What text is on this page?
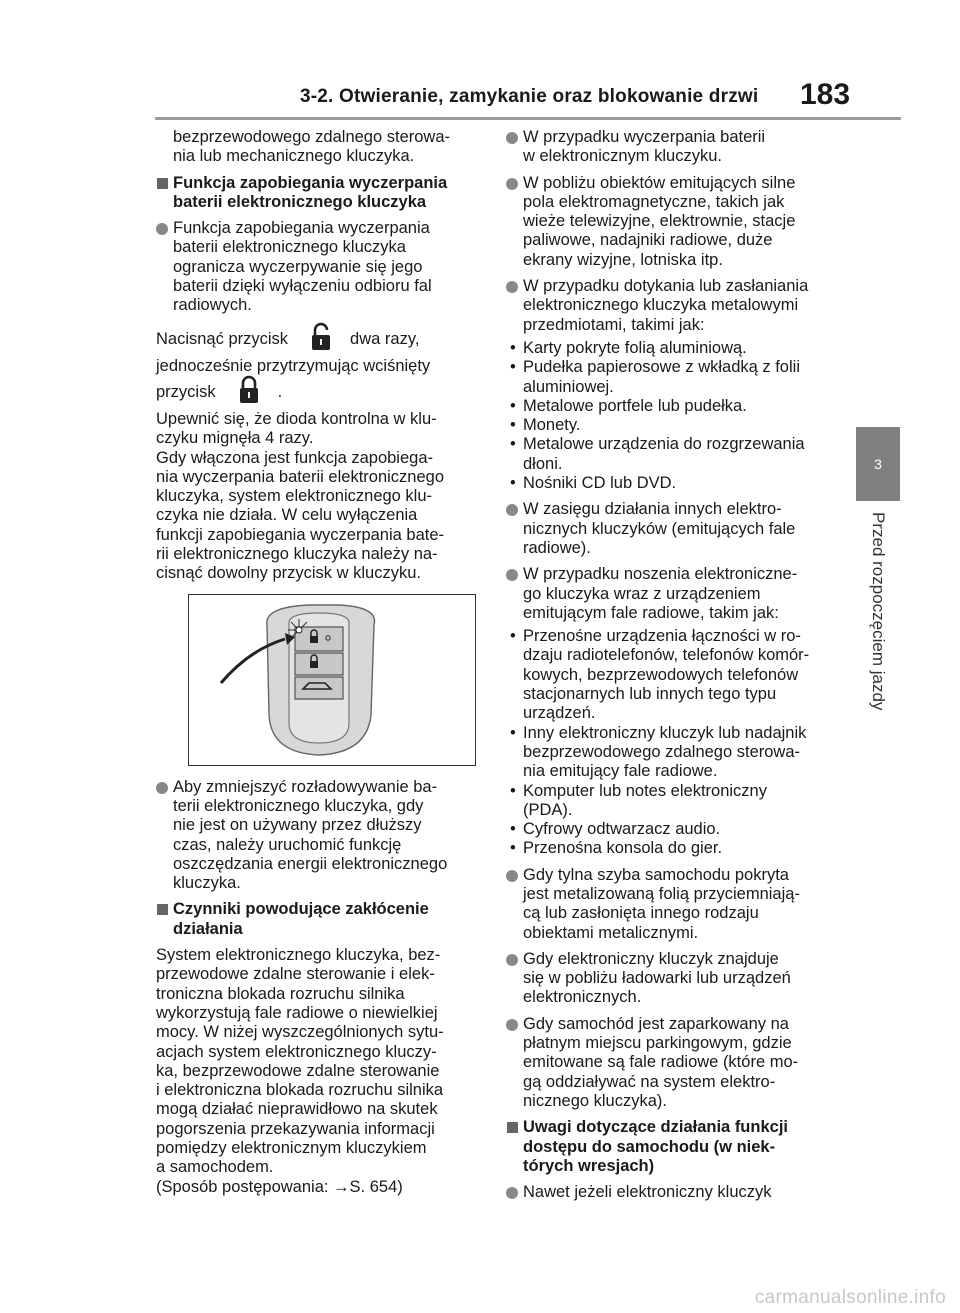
3-2. Otwieranie, zamykanie oraz blokowanie drzwi 183
3
Przed rozpoczęciem jazdy
bezprzewodowego zdalnego sterowa-
nia lub mechanicznego kluczyka.
Funkcja zapobiegania wyczerpania
baterii elektronicznego kluczyka
Funkcja zapobiegania wyczerpania
baterii elektronicznego kluczyka
ogranicza wyczerpywanie się jego
baterii dzięki wyłączeniu odbioru fal
radiowych.
Nacisnąć przycisk	dwa razy,

jednocześnie przytrzymując wciśnięty

przycisk	.
Upewnić się, że dioda kontrolna w klu-
czyku mignęła 4 razy.
Gdy włączona jest funkcja zapobiega-
nia wyczerpania baterii elektronicznego
kluczyka, system elektronicznego klu-
czyka nie działa. W celu wyłączenia
funkcji zapobiegania wyczerpania bate-
rii elektronicznego kluczyka należy na-
cisnąć dowolny przycisk w kluczyku.
Aby zmniejszyć rozładowywanie ba-
terii elektronicznego kluczyka, gdy
nie jest on używany przez dłuższy
czas, należy uruchomić funkcję
oszczędzania energii elektronicznego
kluczyka.
Czynniki powodujące zakłócenie
działania
System elektronicznego kluczyka, bez-
przewodowe zdalne sterowanie i elek-
troniczna blokada rozruchu silnika
wykorzystują fale radiowe o niewielkiej
mocy. W niżej wyszczególnionych sytu-
acjach system elektronicznego kluczy-
ka, bezprzewodowe zdalne sterowanie
i elektroniczna blokada rozruchu silnika
mogą działać nieprawidłowo na skutek
pogorszenia przekazywania informacji
pomiędzy elektronicznym kluczykiem
a samochodem.
(Sposób postępowania: →S. 654)
W przypadku wyczerpania baterii
w elektronicznym kluczyku.
W pobliżu obiektów emitujących silne
pola elektromagnetyczne, takich jak
wieże telewizyjne, elektrownie, stacje
paliwowe, nadajniki radiowe, duże
ekrany wizyjne, lotniska itp.
W przypadku dotykania lub zasłaniania
elektronicznego kluczyka metalowymi
przedmiotami, takimi jak:
• Karty pokryte folią aluminiową.
• Pudełka papierosowe z wkładką z folii
aluminiowej.
• Metalowe portfele lub pudełka.
• Monety.
• Metalowe urządzenia do rozgrzewania
dłoni.
• Nośniki CD lub DVD.
W zasięgu działania innych elektro-
nicznych kluczyków (emitujących fale
radiowe).
W przypadku noszenia elektroniczne-
go kluczyka wraz z urządzeniem
emitującym fale radiowe, takim jak:
• Przenośne urządzenia łączności w ro-
dzaju radiotelefonów, telefonów komór-
kowych, bezprzewodowych telefonów
stacjonarnych lub innych tego typu
urządzeń.
• Inny elektroniczny kluczyk lub nadajnik
bezprzewodowego zdalnego sterowa-
nia emitujący fale radiowe.
• Komputer lub notes elektroniczny
(PDA).
• Cyfrowy odtwarzacz audio.
• Przenośna konsola do gier.
Gdy tylna szyba samochodu pokryta
jest metalizowaną folią przyciemniają-
cą lub zasłonięta innego rodzaju
obiektami metalicznymi.
Gdy elektroniczny kluczyk znajduje
się w pobliżu ładowarki lub urządzeń
elektronicznych.
Gdy samochód jest zaparkowany na
płatnym miejscu parkingowym, gdzie
emitowane są fale radiowe (które mo-
gą oddziaływać na system elektro-
nicznego kluczyka).
Uwagi dotyczące działania funkcji
dostępu do samochodu (w niek-
tórych wresjach)
Nawet jeżeli elektroniczny kluczyk
carmanualsonline.info
